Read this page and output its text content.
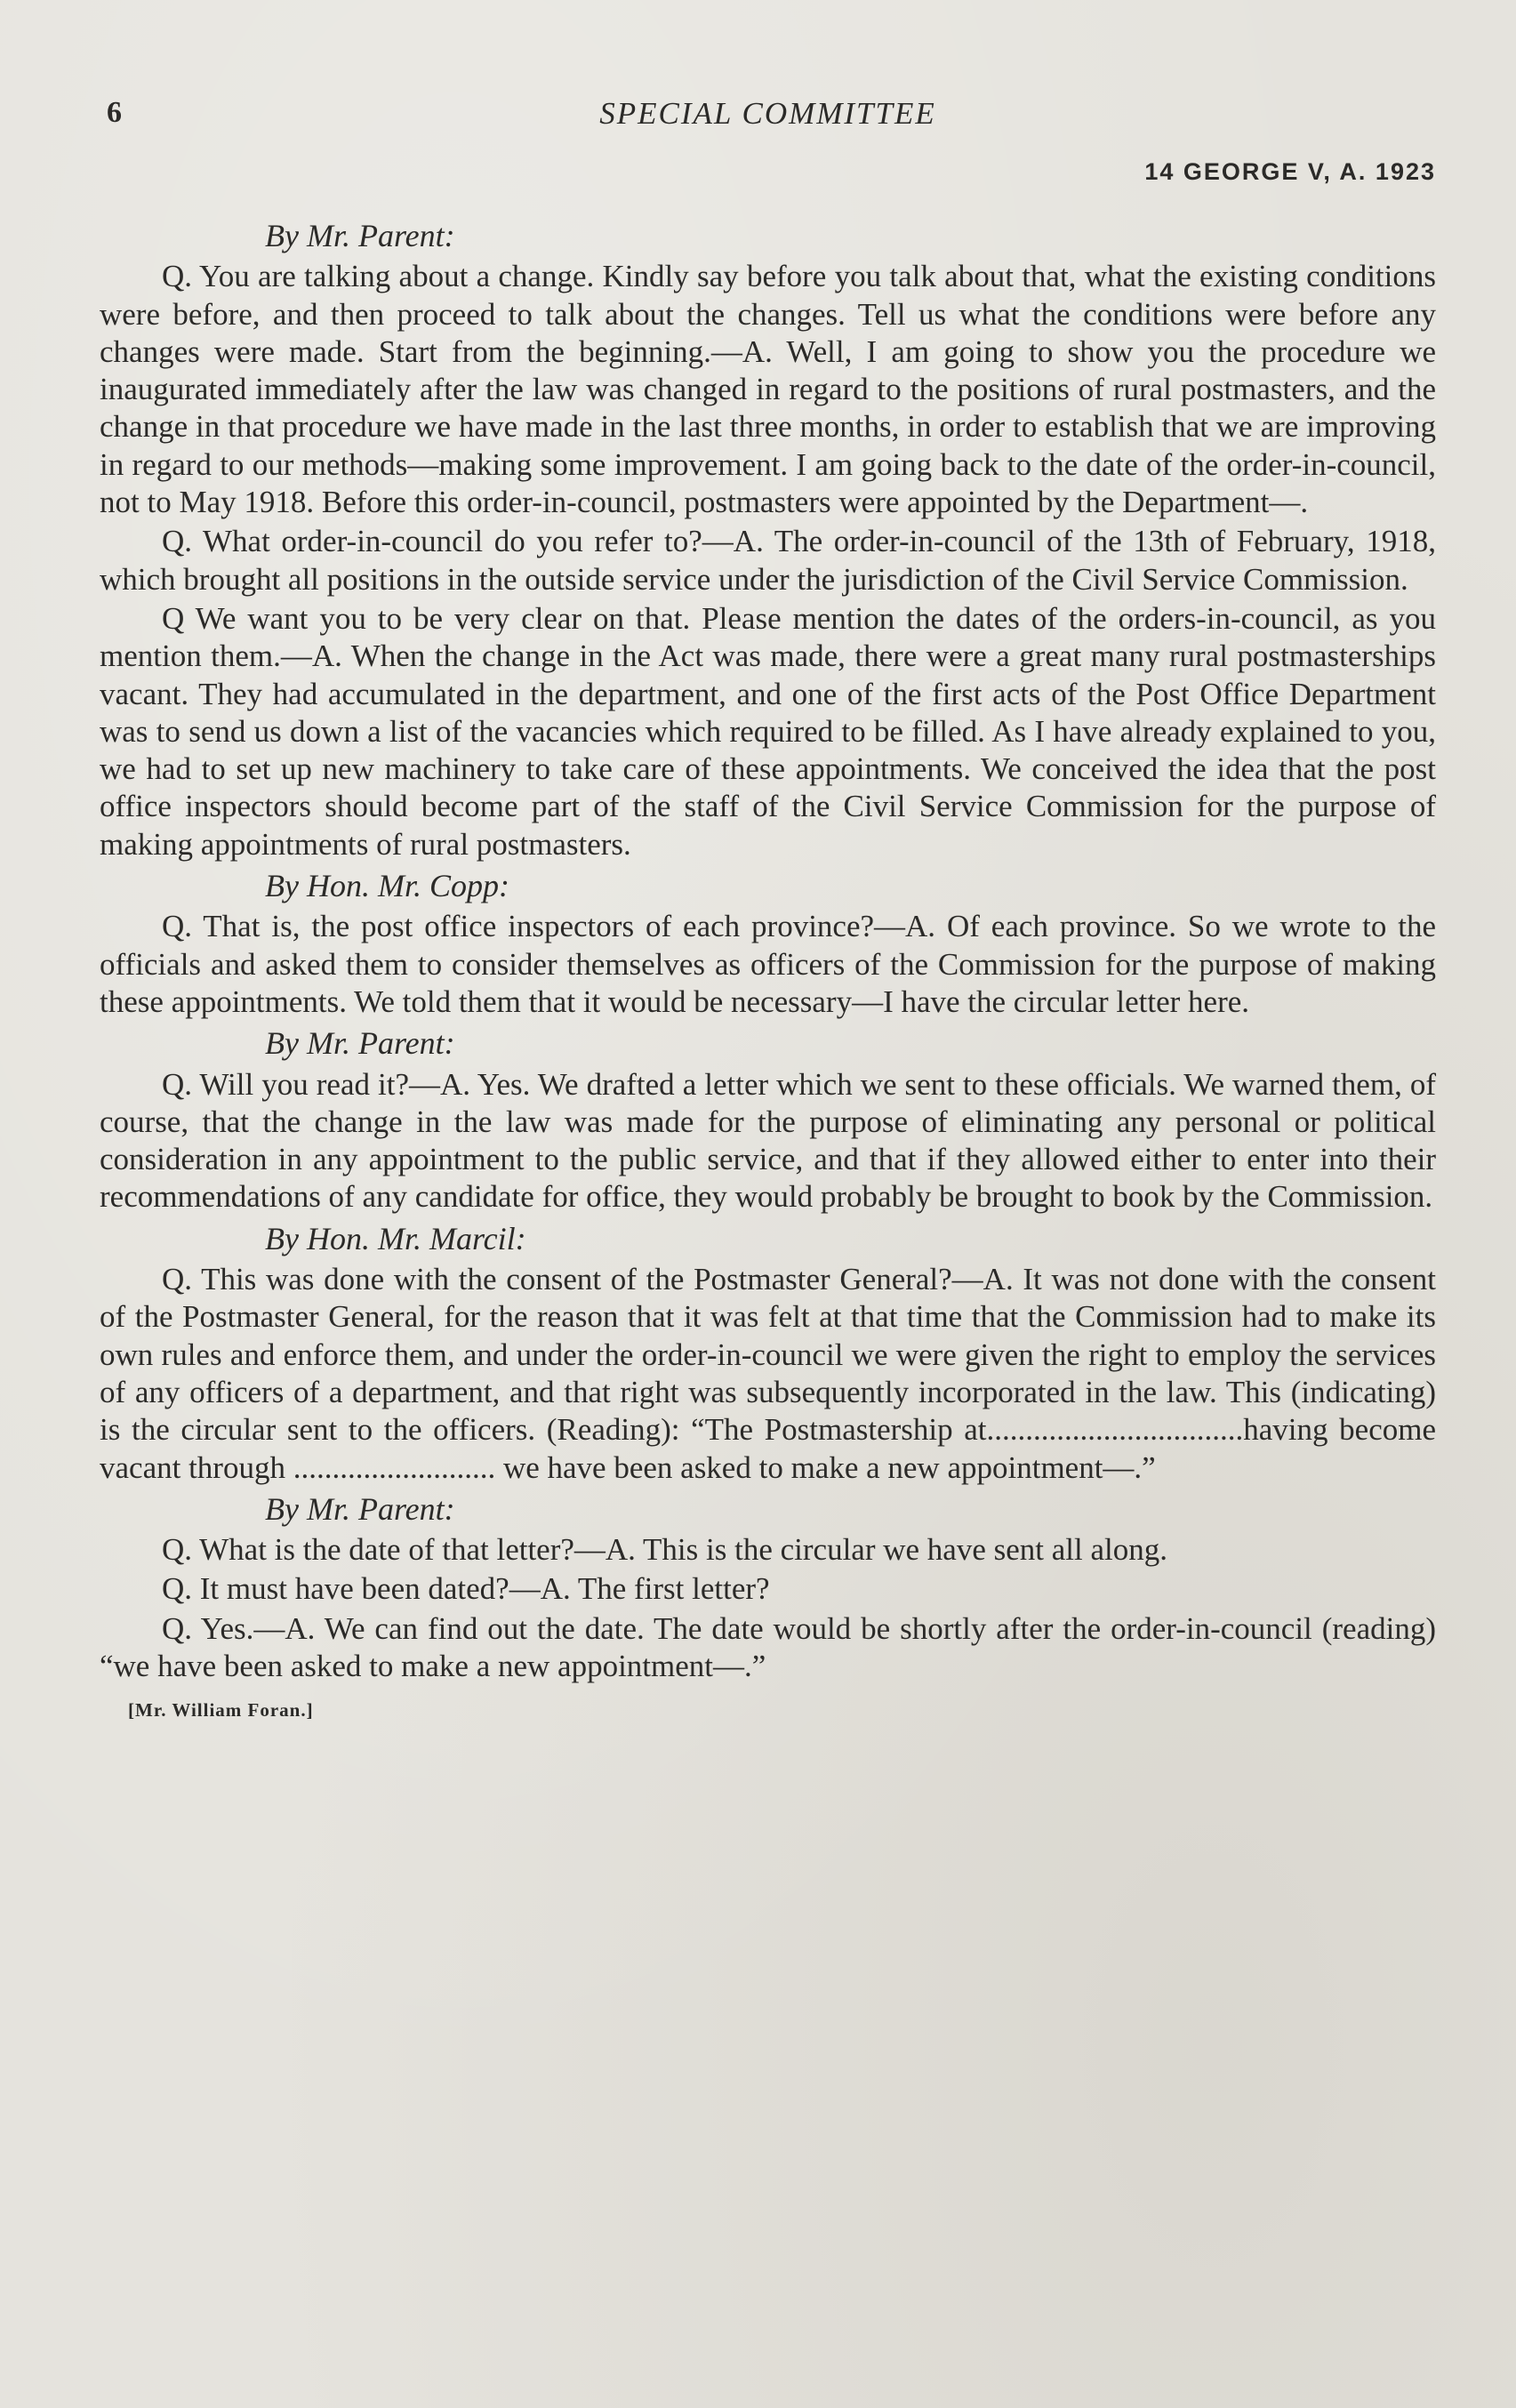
6	SPECIAL COMMITTEE
14 GEORGE V, A. 1923
By Mr. Parent:

Q. You are talking about a change. Kindly say before you talk about that, what the existing conditions were before, and then proceed to talk about the changes. Tell us what the conditions were before any changes were made. Start from the beginning.—A. Well, I am going to show you the procedure we inaugurated immediately after the law was changed in regard to the positions of rural postmasters, and the change in that procedure we have made in the last three months, in order to establish that we are improving in regard to our methods—making some improvement. I am going back to the date of the order-in-council, not to May 1918. Before this order-in-council, postmasters were appointed by the Department—.

Q. What order-in-council do you refer to?—A. The order-in-council of the 13th of February, 1918, which brought all positions in the outside service under the jurisdiction of the Civil Service Commission.

Q We want you to be very clear on that. Please mention the dates of the orders-in-council, as you mention them.—A. When the change in the Act was made, there were a great many rural postmasterships vacant. They had accumulated in the department, and one of the first acts of the Post Office Department was to send us down a list of the vacancies which required to be filled. As I have already explained to you, we had to set up new machinery to take care of these appointments. We conceived the idea that the post office inspectors should become part of the staff of the Civil Service Commission for the purpose of making appointments of rural postmasters.

By Hon. Mr. Copp:

Q. That is, the post office inspectors of each province?—A. Of each province. So we wrote to the officials and asked them to consider themselves as officers of the Commission for the purpose of making these appointments. We told them that it would be necessary—I have the circular letter here.

By Mr. Parent:

Q. Will you read it?—A. Yes. We drafted a letter which we sent to these officials. We warned them, of course, that the change in the law was made for the purpose of eliminating any personal or political consideration in any appointment to the public service, and that if they allowed either to enter into their recommendations of any candidate for office, they would probably be brought to book by the Commission.

By Hon. Mr. Marcil:

Q. This was done with the consent of the Postmaster General?—A. It was not done with the consent of the Postmaster General, for the reason that it was felt at that time that the Commission had to make its own rules and enforce them, and under the order-in-council we were given the right to employ the services of any officers of a department, and that right was subsequently incorporated in the law. This (indicating) is the circular sent to the officers. (Reading): “The Postmastership at.................................having become vacant through .......................... we have been asked to make a new appointment—.”

By Mr. Parent:

Q. What is the date of that letter?—A. This is the circular we have sent all along.

Q. It must have been dated?—A. The first letter?

Q. Yes.—A. We can find out the date. The date would be shortly after the order-in-council (reading) “we have been asked to make a new appointment—.”

[Mr. William Foran.]
